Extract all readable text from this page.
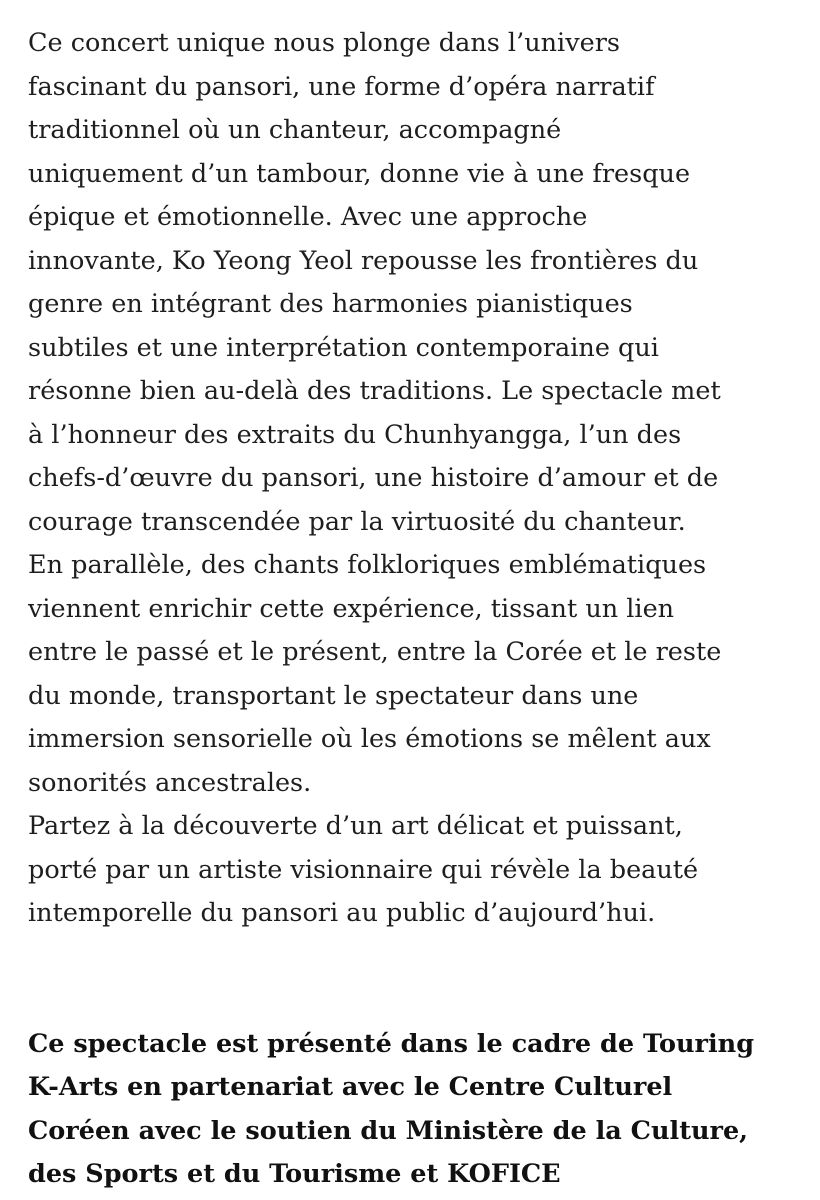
Ce concert unique nous plonge dans l’univers
fascinant du pansori, une forme d’opéra narratif
traditionnel où un chanteur, accompagné
uniquement d’un tambour, donne vie à une fresque
épique et émotionnelle. Avec une approche
innovante, Ko Yeong Yeol repousse les frontières du
genre en intégrant des harmonies pianistiques
subtiles et une interprétation contemporaine qui
résonne bien au-delà des traditions. Le spectacle met
à l’honneur des extraits du Chunhyangga, l’un des
chefs-d’œuvre du pansori, une histoire d’amour et de
courage transcendée par la virtuosité du chanteur.
En parallèle, des chants folkloriques emblématiques
viennent enrichir cette expérience, tissant un lien
entre le passé et le présent, entre la Corée et le reste
du monde, transportant le spectateur dans une
immersion sensorielle où les émotions se mêlent aux
sonorités ancestrales.
Partez à la découverte d’un art délicat et puissant,
porté par un artiste visionnaire qui révèle la beauté
intemporelle du pansori au public d’aujourd’hui.
Ce spectacle est présenté dans le cadre de Touring
K-Arts en partenariat avec le Centre Culturel
Coréen avec le soutien du Ministère de la Culture,
des Sports et du Tourisme et KOFICE
